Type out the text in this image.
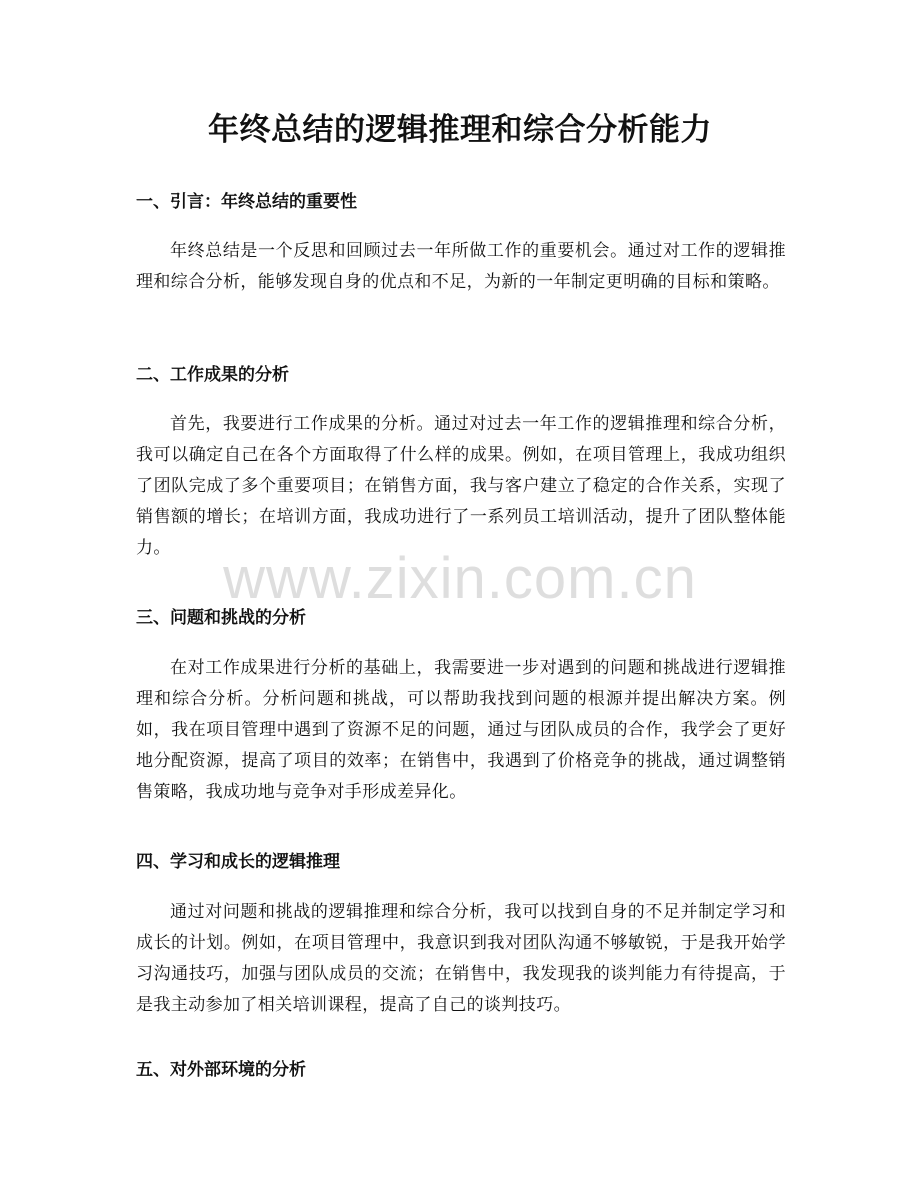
年终总结的逻辑推理和综合分析能力
一、引言：年终总结的重要性

年终总结是一个反思和回顾过去一年所做工作的重要机会。通过对工作的逻辑推理和综合分析，能够发现自身的优点和不足，为新的一年制定更明确的目标和策略。

二、工作成果的分析

首先，我要进行工作成果的分析。通过对过去一年工作的逻辑推理和综合分析，我可以确定自己在各个方面取得了什么样的成果。例如，在项目管理上，我成功组织了团队完成了多个重要项目；在销售方面，我与客户建立了稳定的合作关系，实现了销售额的增长；在培训方面，我成功进行了一系列员工培训活动，提升了团队整体能力。

三、问题和挑战的分析

在对工作成果进行分析的基础上，我需要进一步对遇到的问题和挑战进行逻辑推理和综合分析。分析问题和挑战，可以帮助我找到问题的根源并提出解决方案。例如，我在项目管理中遇到了资源不足的问题，通过与团队成员的合作，我学会了更好地分配资源，提高了项目的效率；在销售中，我遇到了价格竞争的挑战，通过调整销售策略，我成功地与竞争对手形成差异化。

四、学习和成长的逻辑推理

通过对问题和挑战的逻辑推理和综合分析，我可以找到自身的不足并制定学习和成长的计划。例如，在项目管理中，我意识到我对团队沟通不够敏锐，于是我开始学习沟通技巧，加强与团队成员的交流；在销售中，我发现我的谈判能力有待提高，于是我主动参加了相关培训课程，提高了自己的谈判技巧。

五、对外部环境的分析
www.zixin.com.cn
